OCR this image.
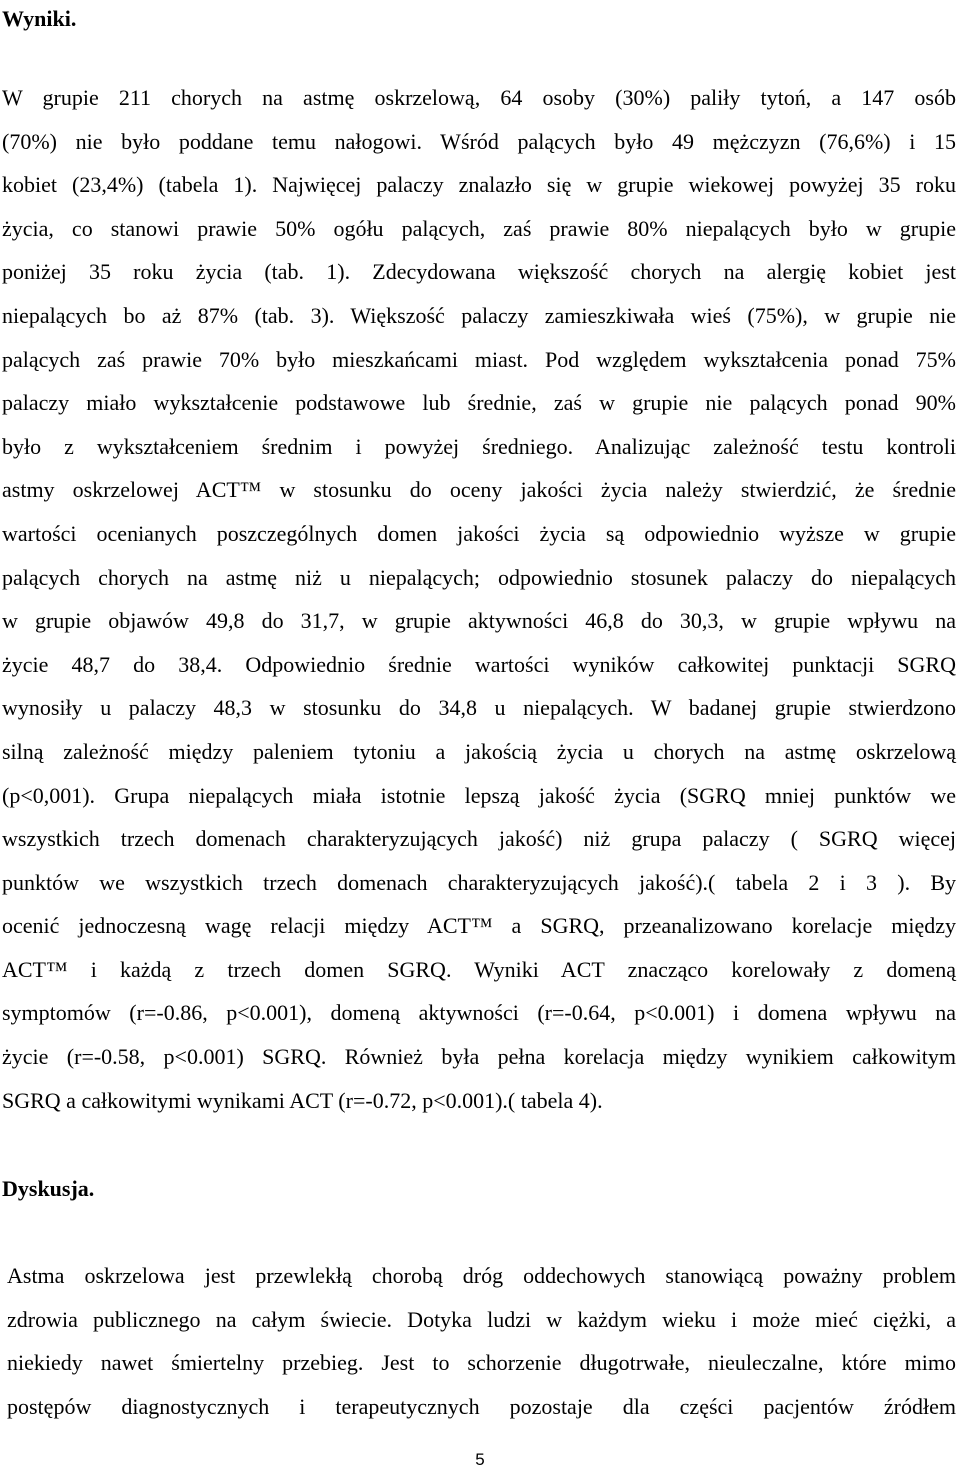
Wyniki.
W grupie 211 chorych na astmę oskrzelową, 64 osoby (30%) paliły tytoń, a 147 osób
(70%) nie było poddane temu nałogowi. Wśród palących było 49 mężczyzn (76,6%) i 15
kobiet (23,4%) (tabela 1). Najwięcej palaczy znalazło się w grupie wiekowej powyżej 35 roku
życia, co stanowi prawie 50% ogółu palących, zaś prawie 80% niepalących było w grupie
poniżej 35 roku życia (tab. 1). Zdecydowana większość chorych na alergię kobiet jest
niepalących bo aż 87% (tab. 3). Większość palaczy zamieszkiwała wieś (75%), w grupie nie
palących zaś prawie 70% było mieszkańcami miast. Pod względem wykształcenia ponad 75%
palaczy miało wykształcenie podstawowe lub średnie, zaś w grupie nie palących ponad 90%
było z wykształceniem średnim i powyżej średniego. Analizując zależność testu kontroli
astmy oskrzelowej ACT™ w stosunku do oceny jakości życia należy stwierdzić, że średnie
wartości ocenianych poszczególnych domen jakości życia są odpowiednio wyższe w grupie
palących chorych na astmę niż u niepalących; odpowiednio stosunek palaczy do niepalących
w grupie objawów 49,8 do 31,7, w grupie aktywności 46,8 do 30,3, w grupie wpływu na
życie 48,7 do 38,4. Odpowiednio średnie wartości wyników całkowitej punktacji SGRQ
wynosiły u palaczy 48,3 w stosunku do 34,8 u niepalących. W badanej grupie stwierdzono
silną zależność między paleniem tytoniu a jakością życia u chorych na astmę oskrzelową
(p<0,001). Grupa niepalących miała istotnie lepszą jakość życia (SGRQ mniej punktów we
wszystkich trzech domenach charakteryzujących jakość) niż grupa palaczy ( SGRQ więcej
punktów we wszystkich trzech domenach charakteryzujących jakość).( tabela 2 i 3 ). By
ocenić jednoczesną wagę relacji między ACT™ a SGRQ, przeanalizowano korelacje między
ACT™ i każdą z trzech domen SGRQ. Wyniki ACT znacząco korelowały z domeną
symptomów (r=-0.86, p<0.001), domeną aktywności (r=-0.64, p<0.001) i domena wpływu na
życie (r=-0.58, p<0.001) SGRQ. Również była pełna korelacja między wynikiem całkowitym
SGRQ a całkowitymi wynikami ACT (r=-0.72, p<0.001).( tabela 4).
Dyskusja.
Astma oskrzelowa jest przewlekłą chorobą dróg oddechowych stanowiącą poważny problem
zdrowia publicznego na całym świecie. Dotyka ludzi w każdym wieku i może mieć ciężki, a
niekiedy nawet śmiertelny przebieg. Jest to schorzenie długotrwałe, nieuleczalne, które mimo
postępów diagnostycznych i terapeutycznych pozostaje dla części pacjentów źródłem
5
